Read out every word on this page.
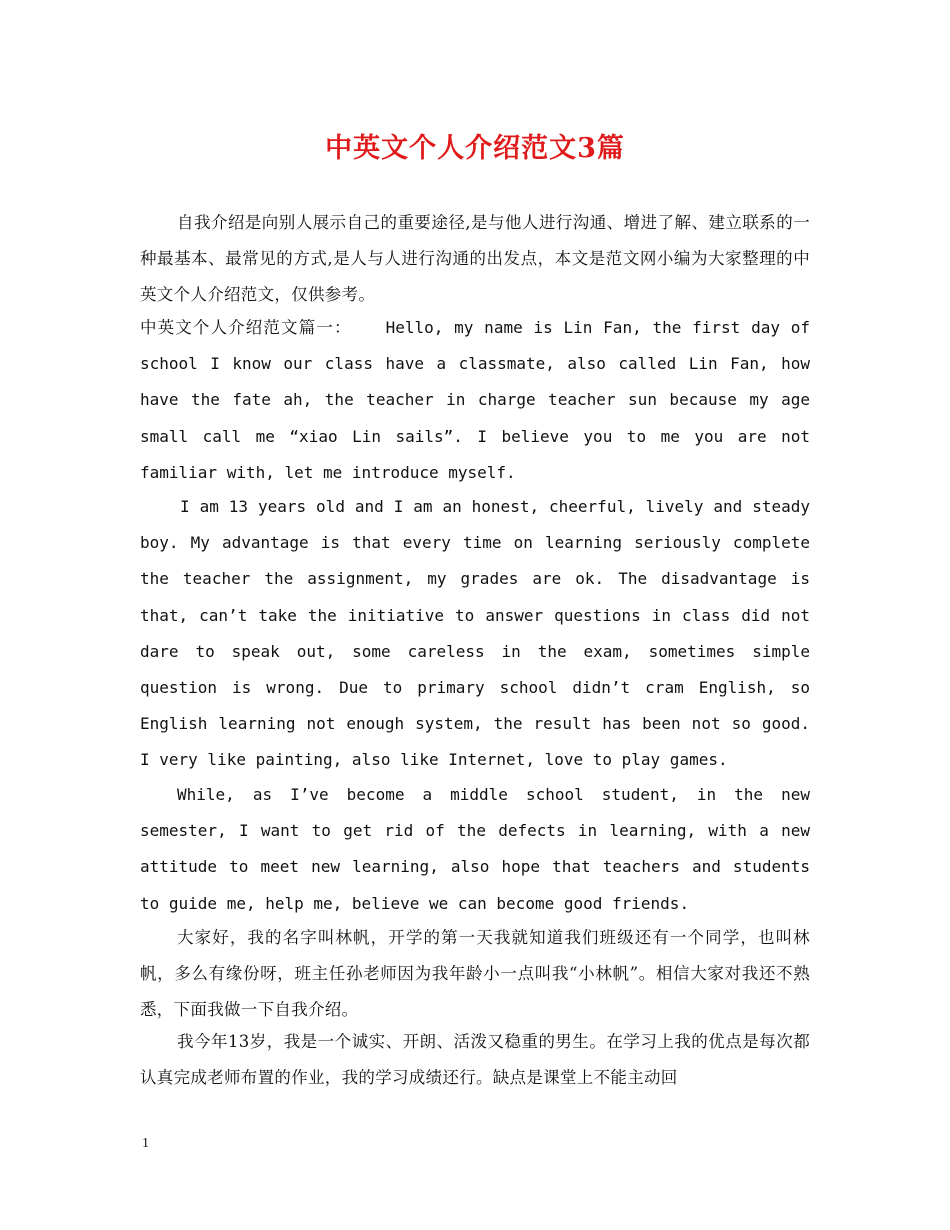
中英文个人介绍范文3篇

自我介绍是向别人展示自己的重要途径,是与他人进行沟通、增进了解、建立联系的一种最基本、最常见的方式,是人与人进行沟通的出发点，本文是范文网小编为大家整理的中英文个人介绍范文，仅供参考。

中英文个人介绍范文篇一： Hello, my name is Lin Fan, the first day of school I know our class have a classmate, also called Lin Fan, how have the fate ah, the teacher in charge teacher sun because my age small call me “xiao Lin sails”. I believe you to me you are not familiar with, let me introduce myself.

I am 13 years old and I am an honest, cheerful, lively and steady boy. My advantage is that every time on learning seriously complete the teacher the assignment, my grades are ok. The disadvantage is that, can’t take the initiative to answer questions in class did not dare to speak out, some careless in the exam, sometimes simple question is wrong. Due to primary school didn’t cram English, so English learning not enough system, the result has been not so good. I very like painting, also like Internet, love to play games.

While, as I’ve become a middle school student, in the new semester, I want to get rid of the defects in learning, with a new attitude to meet new learning, also hope that teachers and students to guide me, help me, believe we can become good friends.

大家好，我的名字叫林帆，开学的第一天我就知道我们班级还有一个同学，也叫林帆，多么有缘份呀，班主任孙老师因为我年龄小一点叫我“小林帆”。相信大家对我还不熟悉，下面我做一下自我介绍。

我今年13岁，我是一个诚实、开朗、活泼又稳重的男生。在学习上我的优点是每次都认真完成老师布置的作业，我的学习成绩还行。缺点是课堂上不能主动回

1
